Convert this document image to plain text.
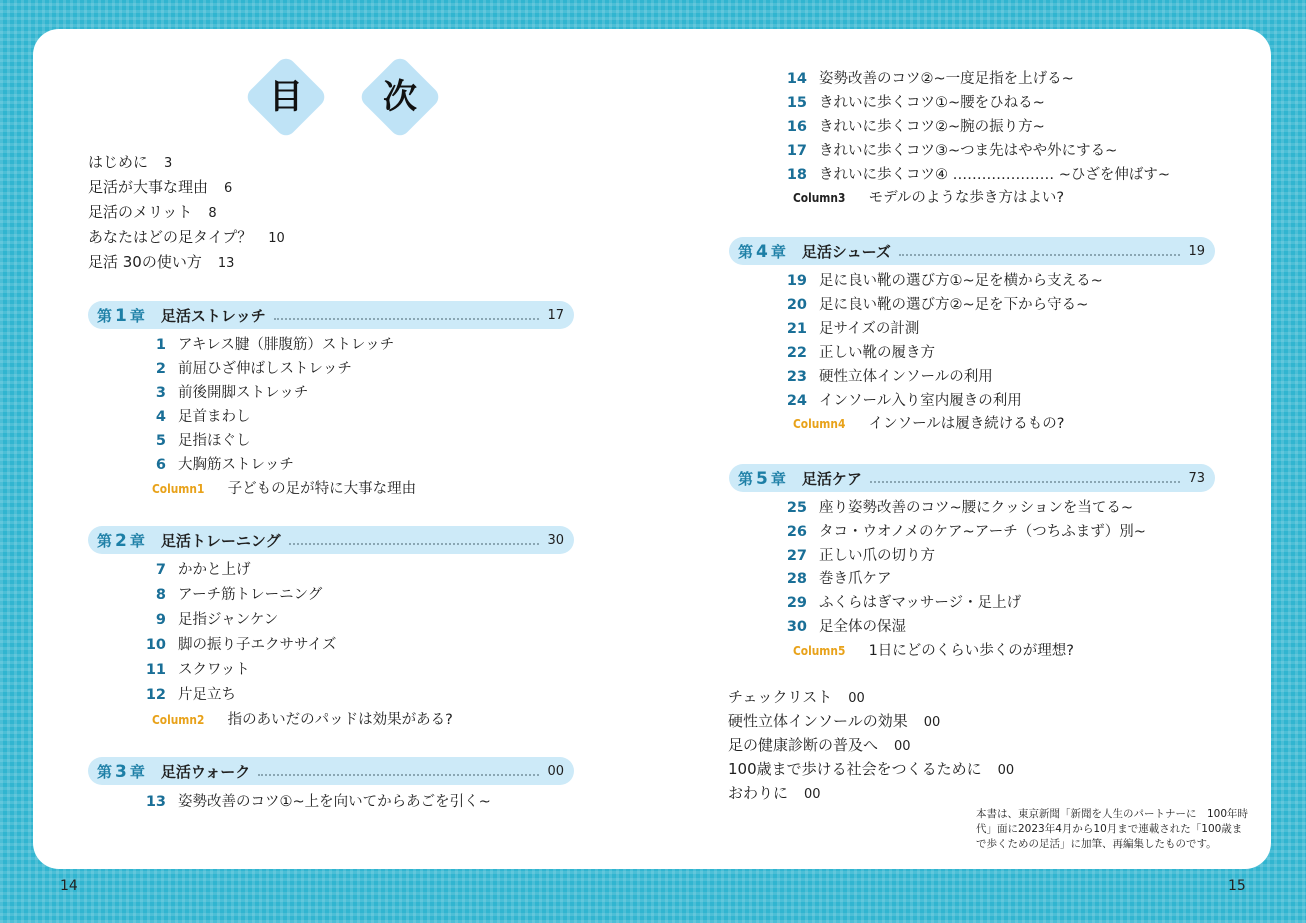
目	次
はじめに 3
足活が大事な理由 6
足活のメリット 8
あなたはどの足タイプ？ 10
足活 30の使い方 13
第 1 章 足活ストレッチ	17
1 アキレス腱（腓腹筋）ストレッチ
2 前屈ひざ伸ばしストレッチ
3 前後開脚ストレッチ
4 足首まわし
5 足指ほぐし
6 大胸筋ストレッチ
Column1 子どもの足が特に大事な理由
第 2 章 足活トレーニング	30
7 かかと上げ
8 アーチ筋トレーニング
9 足指ジャンケン
10 脚の振り子エクササイズ
11 スクワット
12 片足立ち
Column2 指のあいだのパッドは効果がある?
第 3 章 足活ウォーク	00
13 姿勢改善のコツ①~上を向いてからあごを引く~
14 姿勢改善のコツ②~一度足指を上げる~
15 きれいに歩くコツ①~腰をひねる~
16 きれいに歩くコツ②~腕の振り方~
17 きれいに歩くコツ③~つま先はやや外にする~
18 きれいに歩くコツ④ ………………… ~ひざを伸ばす~
Column3 モデルのような歩き方はよい?
第 4 章 足活シューズ	19
19 足に良い靴の選び方①~足を横から支える~
20 足に良い靴の選び方②~足を下から守る~
21 足サイズの計測
22 正しい靴の履き方
23 硬性立体インソールの利用
24 インソール入り室内履きの利用
Column4 インソールは履き続けるもの?
第 5 章 足活ケア	73
25 座り姿勢改善のコツ~腰にクッションを当てる~
26 タコ・ウオノメのケア~アーチ（つちふまず）別~
27 正しい爪の切り方
28 巻き爪ケア
29 ふくらはぎマッサージ・足上げ
30 足全体の保湿
Column5 1日にどのくらい歩くのが理想?
チェックリスト 00
硬性立体インソールの効果 00
足の健康診断の普及へ 00
100歳まで歩ける社会をつくるために 00
おわりに 00
本書は、東京新聞「新聞を人生のパートナーに　100年時代」面に2023年4月から10月まで連載された「100歳まで歩くための足活」に加筆、再編集したものです。
14	15
